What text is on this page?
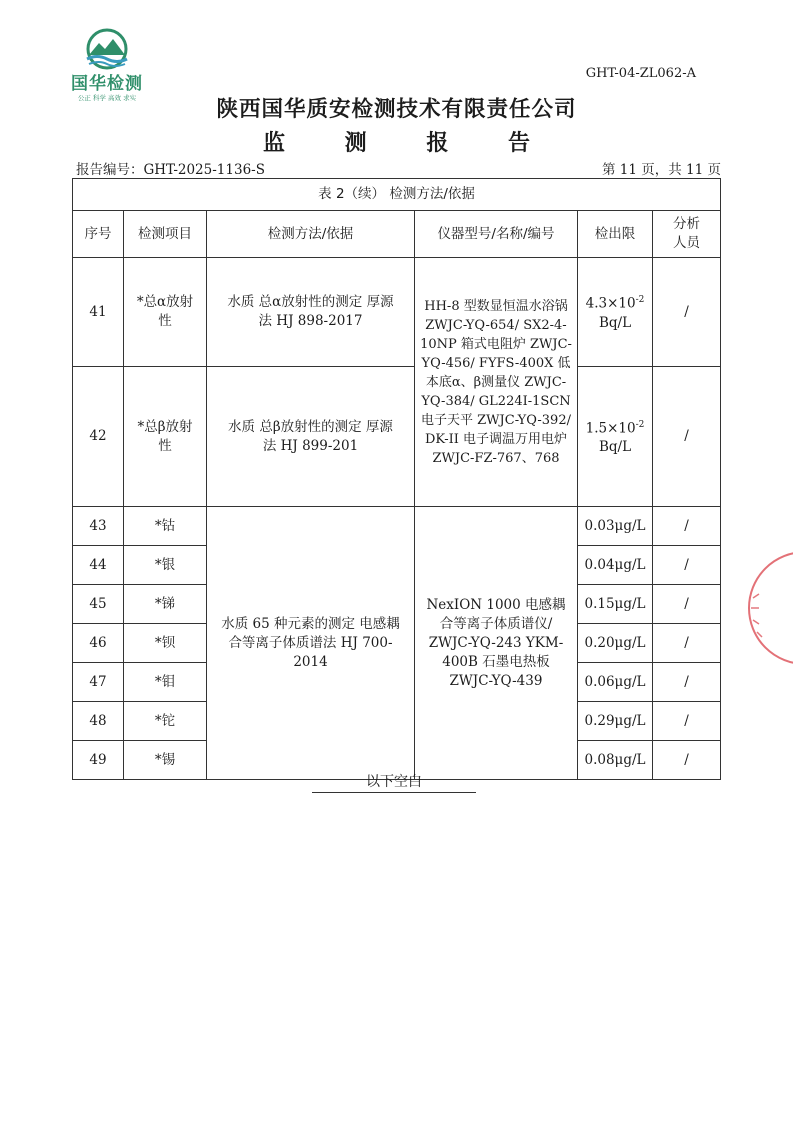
国华检测
公正 科学 高效 求实
GHT-04-ZL062-A
陕西国华质安检测技术有限责任公司
监 测 报 告
报告编号：GHT-2025-1136-S	第 11 页，共 11 页
表 2（续） 检测方法/依据					
序号	检测项目	检测方法/依据	仪器型号/名称/编号	检出限	分析人员
41	*总α放射性	水质 总α放射性的测定 厚源法 HJ 898-2017	HH-8 型数显恒温水浴锅 ZWJC-YQ-654/ SX2-4-10NP 箱式电阻炉 ZWJC-YQ-456/ FYFS-400X 低本底α、β测量仪 ZWJC-YQ-384/ GL224I-1SCN 电子天平 ZWJC-YQ-392/ DK-II 电子调温万用电炉 ZWJC-FZ-767、768	$4.3\times 10^{-2}$
Bq/L	/
42	*总β放射性	水质 总β放射性的测定 厚源法 HJ 899-201		$1.5\times 10^{-2}$
Bq/L	/
43	*钴	水质 65 种元素的测定 电感耦合等离子体质谱法 HJ 700-2014	NexION 1000 电感耦合等离子体质谱仪/ ZWJC-YQ-243 YKM-400B 石墨电热板 ZWJC-YQ-439	0.03μg/L	/
44	*银			0.04μg/L	/
45	*锑			0.15μg/L	/
46	*钡			0.20μg/L	/
47	*钼			0.06μg/L	/
48	*铊			0.29μg/L	/
49	*锡			0.08μg/L	/
以下空白
